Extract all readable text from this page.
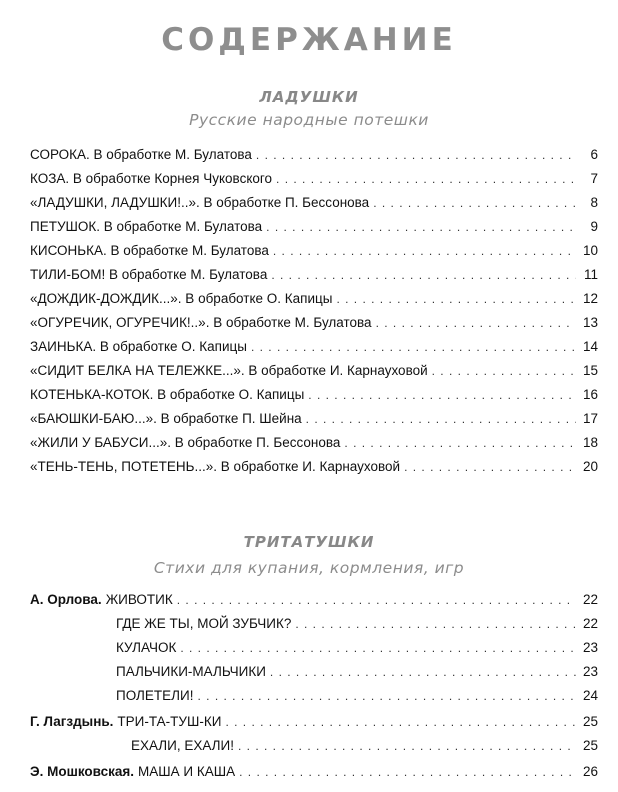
СОДЕРЖАНИЕ
ЛАДУШКИ
Русские народные потешки
СОРОКА. В обработке М. Булатова . . .	6
КОЗА. В обработке Корнея Чуковского . . .	7
«ЛАДУШКИ, ЛАДУШКИ!..». В обработке П. Бессонова . . .	8
ПЕТУШОК. В обработке М. Булатова . . .	9
КИСОНЬКА. В обработке М. Булатова . . .	10
ТИЛИ-БОМ! В обработке М. Булатова . . .	11
«ДОЖДИК-ДОЖДИК...». В обработке О. Капицы . . .	12
«ОГУРЕЧИК, ОГУРЕЧИК!..». В обработке М. Булатова . . .	13
ЗАИНЬКА. В обработке О. Капицы . . .	14
«СИДИТ БЕЛКА НА ТЕЛЕЖКЕ...». В обработке И. Карнауховой . . .	15
КОТЕНЬКА-КОТОК. В обработке О. Капицы . . .	16
«БАЮШКИ-БАЮ...». В обработке П. Шейна . . .	17
«ЖИЛИ У БАБУСИ...». В обработке П. Бессонова . . .	18
«ТЕНЬ-ТЕНЬ, ПОТЕТЕНЬ...». В обработке И. Карнауховой . . .	20
ТРИТАТУШКИ
Стихи для купания, кормления, игр
А. Орлова. ЖИВОТИК . . .	22
ГДЕ ЖЕ ТЫ, МОЙ ЗУБЧИК? . . .	22
КУЛАЧОК . . .	23
ПАЛЬЧИКИ-МАЛЬЧИКИ . . .	23
ПОЛЕТЕЛИ! . . .	24
Г. Лагздынь. ТРИ-ТА-ТУШ-КИ . . .	25
ЕХАЛИ, ЕХАЛИ! . . .	25
Э. Мошковская. МАША И КАША . . .	26
